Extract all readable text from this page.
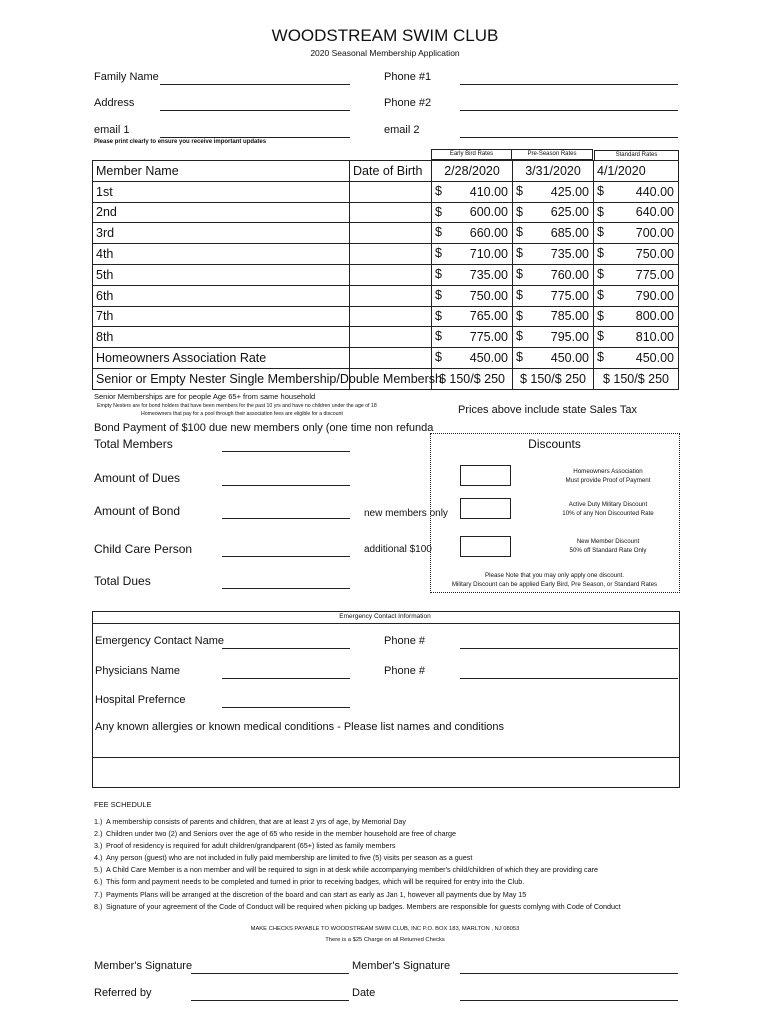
WOODSTREAM SWIM CLUB
2020 Seasonal Membership Application
Family Name	Phone #1
Address	Phone #2
email 1	email 2
Please print clearly to ensure you receive important updates
Early Bird Rates	Pre-Season Rates	Standard Rates
Member Name	Date of Birth	2/28/2020	3/31/2020	4/1/2020
1st		$ 410.00	$ 425.00	$ 440.00
2nd		$ 600.00	$ 625.00	$ 640.00
3rd		$ 660.00	$ 685.00	$ 700.00
4th		$ 710.00	$ 735.00	$ 750.00
5th		$ 735.00	$ 760.00	$ 775.00
6th		$ 750.00	$ 775.00	$ 790.00
7th		$ 765.00	$ 785.00	$ 800.00
8th		$ 775.00	$ 795.00	$ 810.00
Homeowners Association Rate		$ 450.00	$ 450.00	$ 450.00
Senior or Empty Nester Single Membership/Double Membersh		$ 150/$ 250	$ 150/$ 250	$ 150/$ 250
Senior Memberships are for people Age 65+ from same household
Empty Nesters are for bond holders that have been members for the past 10 yrs and have no children under the age of 18
Homeowners that pay for a pool through their association fees are eligible for a discount	Prices above include state Sales Tax
Bond Payment of $100 due new members only (one time non refunda
Total Members
Amount of Dues
Amount of Bond	new members only
Child Care Person	additional $100
Total Dues
Discounts
Homeowners Association
Must provide Proof of Payment
Active Duty Military Discount
10% of any Non Discounted Rate
New Member Discount
50% off Standard Rate Only
Please Note that you may only apply one discount.
Military Discount can be applied Early Bird, Pre Season, or Standard Rates
Emergency Contact Information
Emergency Contact Name	Phone #
Physicians Name	Phone #
Hospital Prefernce
Any known allergies or known medical conditions - Please list names and conditions
FEE SCHEDULE
1.) A membership consists of parents and children, that are at least 2 yrs of age, by Memorial Day
2.) Children under two (2) and Seniors over the age of 65 who reside in the member household are free of charge
3.) Proof of residency is required for adult children/grandparent (65+) listed as family members
4.) Any person (guest) who are not included in fully paid membership are limited to five (5) visits per season as a guest
5.) A Child Care Member is a non member and will be required to sign in at desk while accompanying member's child/children of which they are providing care
6.) This form and payment needs to be completed and turned in prior to receiving badges, which will be required for entry into the Club.
7.) Payments Plans will be arranged at the discretion of the board and can start as early as Jan 1, however all payments due by May 15
8.) Signature of your agreement of the Code of Conduct will be required when picking up badges. Members are responsible for guests comlyng with Code of Conduct
MAKE CHECKS PAYABLE TO WOODSTREAM SWIM CLUB, INC P.O. BOX 183, MARLTON , NJ 08053
There is a $25 Charge on all Returned Checks
Member's Signature	Member's Signature
Referred by	Date
